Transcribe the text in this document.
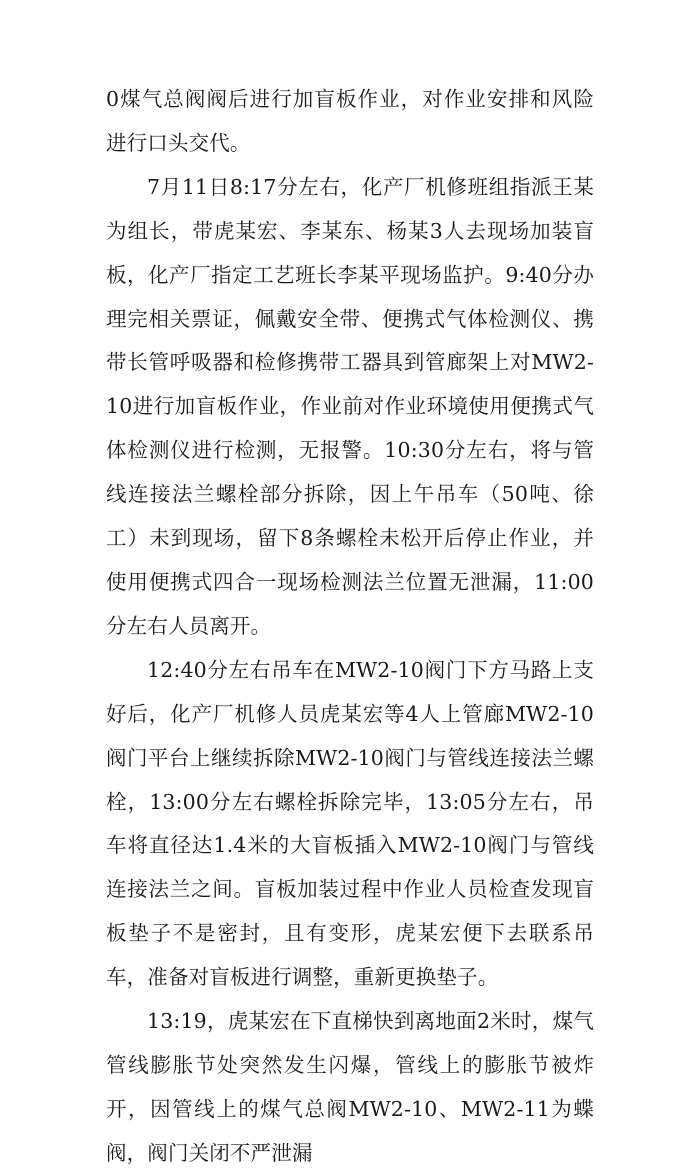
0煤气总阀阀后进行加盲板作业，对作业安排和风险进行口头交代。

7月11日8:17分左右，化产厂机修班组指派王某为组长，带虎某宏、李某东、杨某3人去现场加装盲板，化产厂指定工艺班长李某平现场监护。9:40分办理完相关票证，佩戴安全带、便携式气体检测仪、携带长管呼吸器和检修携带工器具到管廊架上对MW2-10进行加盲板作业，作业前对作业环境使用便携式气体检测仪进行检测，无报警。10:30分左右，将与管线连接法兰螺栓部分拆除，因上午吊车（50吨、徐工）未到现场，留下8条螺栓未松开后停止作业，并使用便携式四合一现场检测法兰位置无泄漏，11:00分左右人员离开。

12:40分左右吊车在MW2-10阀门下方马路上支好后，化产厂机修人员虎某宏等4人上管廊MW2-10阀门平台上继续拆除MW2-10阀门与管线连接法兰螺栓，13:00分左右螺栓拆除完毕，13:05分左右，吊车将直径达1.4米的大盲板插入MW2-10阀门与管线连接法兰之间。盲板加装过程中作业人员检查发现盲板垫子不是密封，且有变形，虎某宏便下去联系吊车，准备对盲板进行调整，重新更换垫子。

13:19，虎某宏在下直梯快到离地面2米时，煤气管线膨胀节处突然发生闪爆，管线上的膨胀节被炸开，因管线上的煤气总阀MW2-10、MW2-11为蝶阀，阀门关闭不严泄漏
